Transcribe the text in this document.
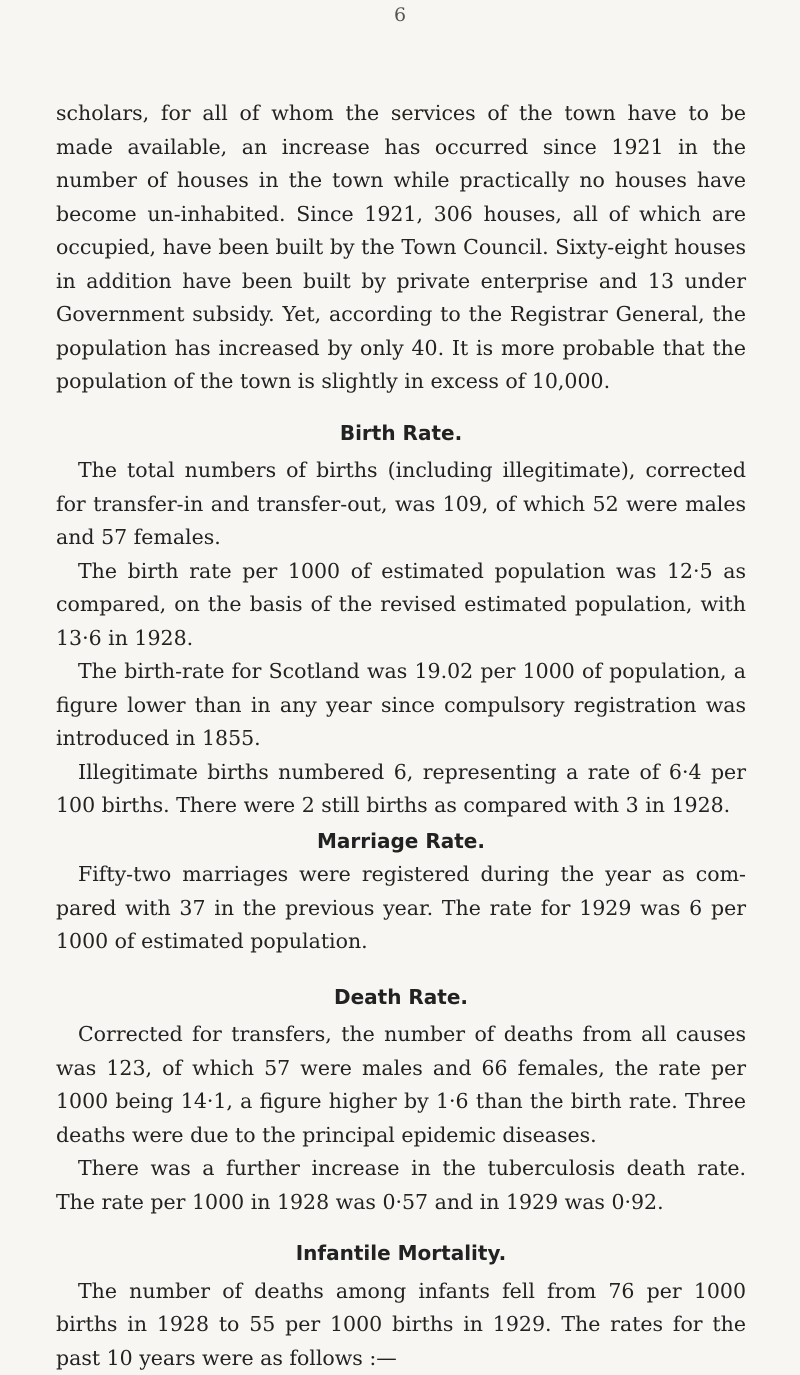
6

scholars, for all of whom the services of the town have to be made available, an increase has occurred since 1921 in the number of houses in the town while practically no houses have become un-inhabited. Since 1921, 306 houses, all of which are occupied, have been built by the Town Council. Sixty-eight houses in addition have been built by private enterprise and 13 under Government subsidy. Yet, according to the Registrar General, the population has increased by only 40. It is more probable that the population of the town is slightly in excess of 10,000.

Birth Rate.

The total numbers of births (including illegitimate), corrected for transfer-in and transfer-out, was 109, of which 52 were males and 57 females.

The birth rate per 1000 of estimated population was 12·5 as compared, on the basis of the revised estimated population, with 13·6 in 1928.

The birth-rate for Scotland was 19.02 per 1000 of population, a figure lower than in any year since compulsory registration was introduced in 1855.

Illegitimate births numbered 6, representing a rate of 6·4 per 100 births. There were 2 still births as compared with 3 in 1928.

Marriage Rate.

Fifty-two marriages were registered during the year as com-pared with 37 in the previous year. The rate for 1929 was 6 per 1000 of estimated population.

Death Rate.

Corrected for transfers, the number of deaths from all causes was 123, of which 57 were males and 66 females, the rate per 1000 being 14·1, a figure higher by 1·6 than the birth rate. Three deaths were due to the principal epidemic diseases.

There was a further increase in the tuberculosis death rate. The rate per 1000 in 1928 was 0·57 and in 1929 was 0·92.

Infantile Mortality.

The number of deaths among infants fell from 76 per 1000 births in 1928 to 55 per 1000 births in 1929. The rates for the past 10 years were as follows :—
